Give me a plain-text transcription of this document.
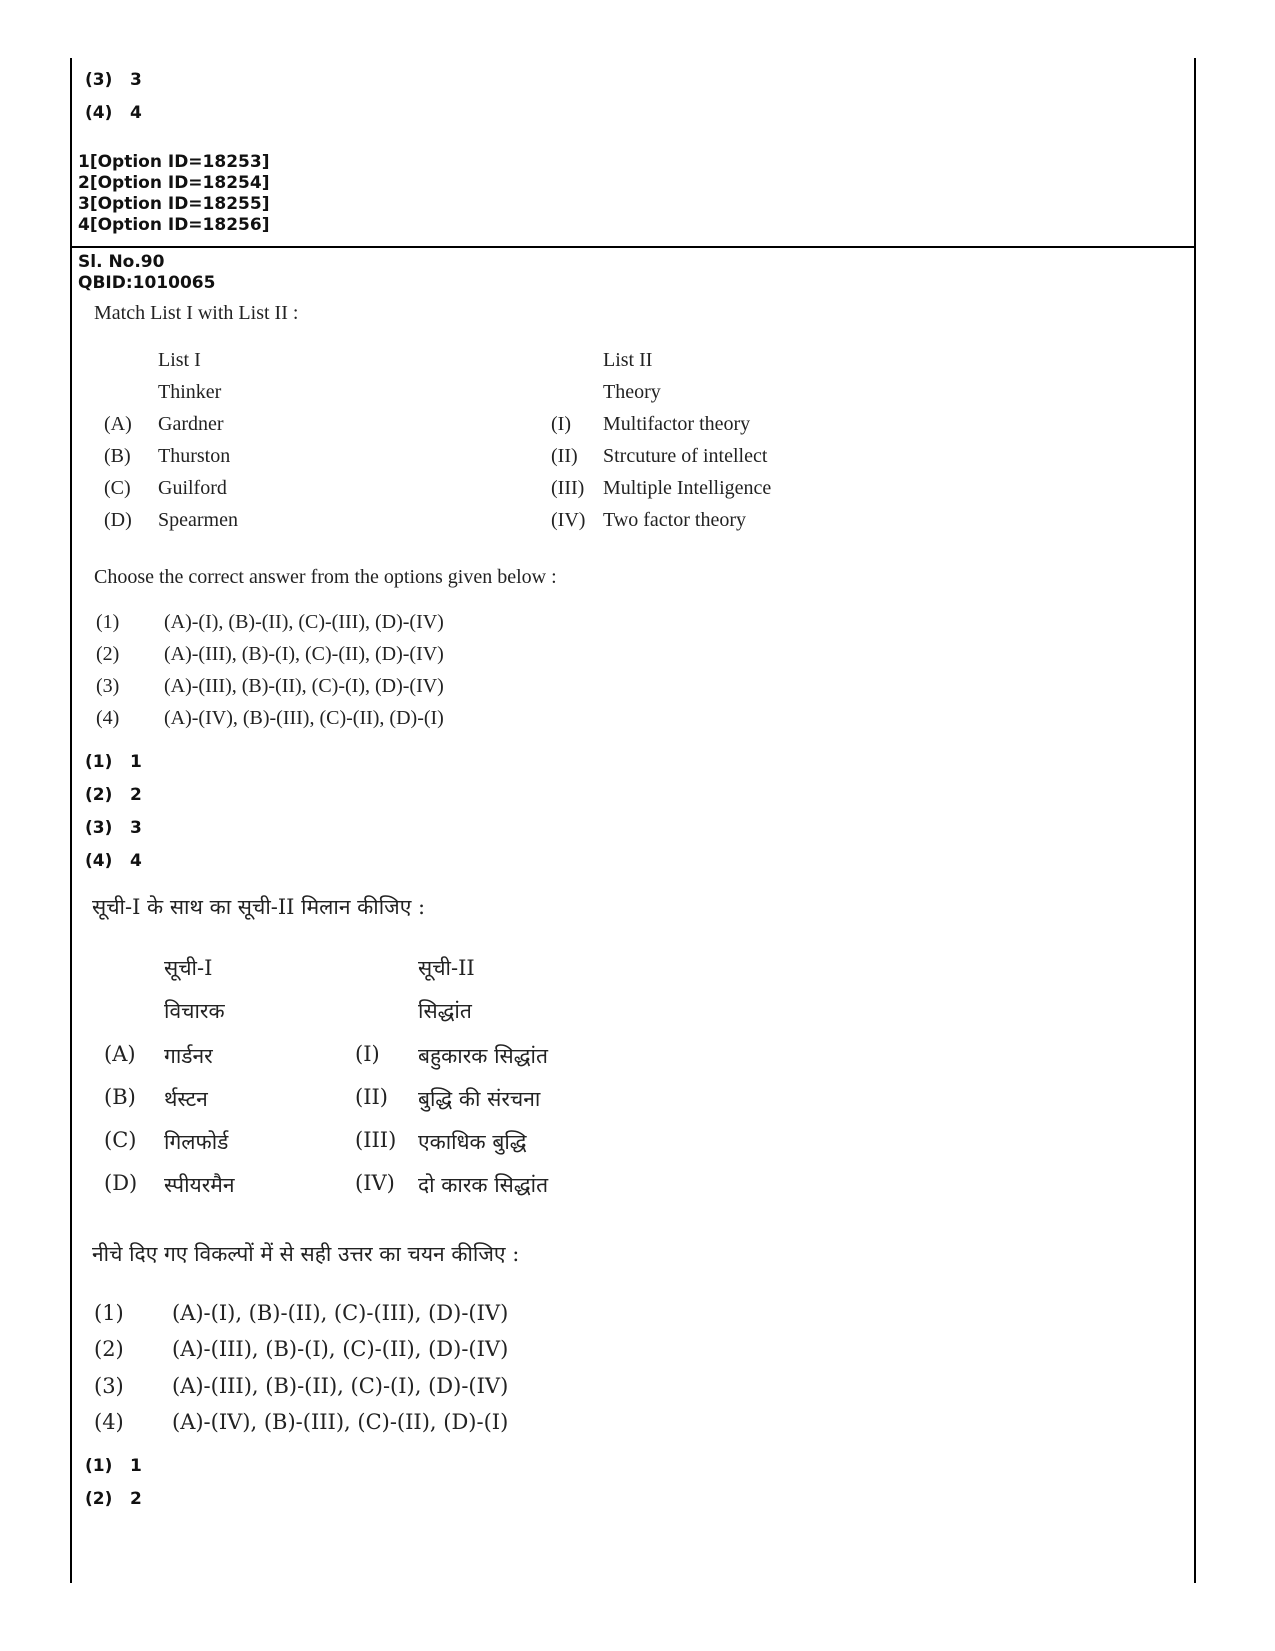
(3) 3
(4) 4
1[Option ID=18253]
2[Option ID=18254]
3[Option ID=18255]
4[Option ID=18256]
Sl. No.90
QBID:1010065
Match List I with List II :
List I	List II
Thinker	Theory
(A) Gardner	(I) Multifactor theory
(B) Thurston	(II) Strcuture of intellect
(C) Guilford	(III) Multiple Intelligence
(D) Spearmen	(IV) Two factor theory
Choose the correct answer from the options given below :
(1) (A)-(I), (B)-(II), (C)-(III), (D)-(IV)
(2) (A)-(III), (B)-(I), (C)-(II), (D)-(IV)
(3) (A)-(III), (B)-(II), (C)-(I), (D)-(IV)
(4) (A)-(IV), (B)-(III), (C)-(II), (D)-(I)
(1) 1
(2) 2
(3) 3
(4) 4
सूची-I के साथ का सूची-II मिलान कीजिए :
सूची-I	सूची-II
विचारक	सिद्धांत
(A) गार्डनर	(I) बहुकारक सिद्धांत
(B) र्थस्टन	(II) बुद्धि की संरचना
(C) गिलफोर्ड	(III) एकाधिक बुद्धि
(D) स्पीयरमैन	(IV) दो कारक सिद्धांत
नीचे दिए गए विकल्पों में से सही उत्तर का चयन कीजिए :
(1) (A)-(I), (B)-(II), (C)-(III), (D)-(IV)
(2) (A)-(III), (B)-(I), (C)-(II), (D)-(IV)
(3) (A)-(III), (B)-(II), (C)-(I), (D)-(IV)
(4) (A)-(IV), (B)-(III), (C)-(II), (D)-(I)
(1) 1
(2) 2
